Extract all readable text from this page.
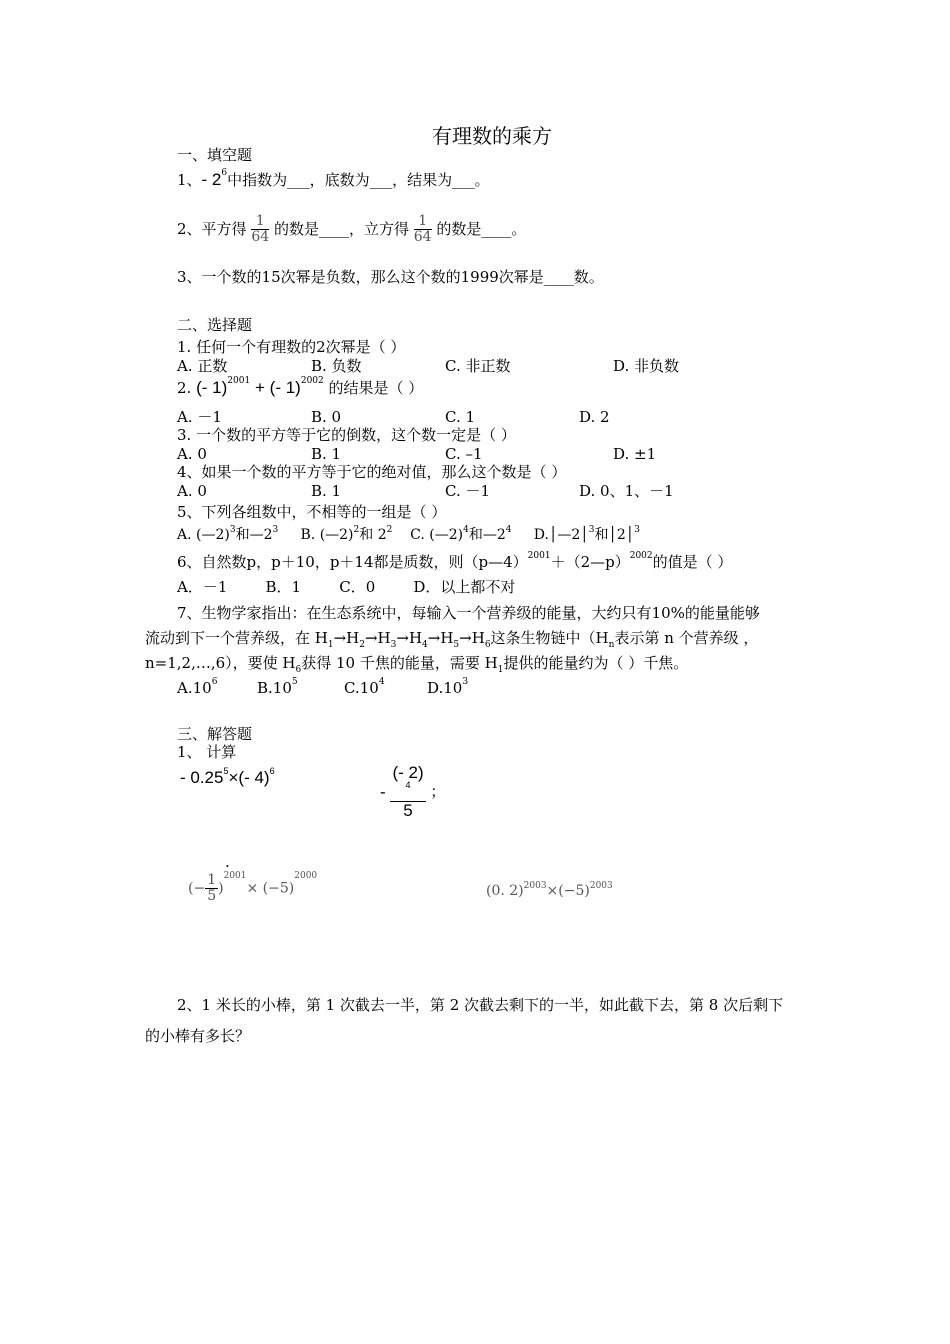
有理数的乘方
一、填空题
1、- $2^6$中指数为___，底数为___，结果为___。
2、平方得 $\frac{1}{64}$ 的数是____，立方得 $\frac{1}{64}$ 的数是____。
3、一个数的15次幂是负数，那么这个数的1999次幂是____数。
二、选择题
1. 任何一个有理数的2次幂是（ ）
A. 正数	B. 负数	C. 非正数	D. 非负数
2. (- 1)$^{2001}$ + (- 1)$^{2002}$ 的结果是（ ）
A. －1	B. 0	C. 1	D. 2
3. 一个数的平方等于它的倒数，这个数一定是（ ）
A. 0	B. 1	C. –1	D. ±1
4、如果一个数的平方等于它的绝对值，那么这个数是（ ）
A. 0	B. 1	C. －1	D. 0、1、－1
5、下列各组数中，不相等的一组是（ ）
A. (—2)$^3$和$—2^3$ B. (—2)$^2$和 $2^2$ C. (—2)$^4$和$—2^4$ D.│—2│$^3$和│2│$^3$
6、自然数p，p＋10，p＋14都是质数，则（p—4）$^{2001}$＋（2—p）$^{2002}$的值是（ ）
A．－1        B．1        C．0        D．以上都不对
7、生物学家指出：在生态系统中，每输入一个营养级的能量，大约只有10%的能量能够
流动到下一个营养级，在 $H_1\to H_2\to H_3\to H_4\to H_5\to H_6$这条生物链中（$H_n$表示第 n 个营养级 ，
n=1,2,…,6），要使 $H_6$获得 10 千焦的能量，需要 $H_1$提供的能量约为（ ）千焦。
$A.10^6$	$B.10^5$	$C.10^4$	$D.10^3$
三、解答题
1、 计算
- $0.25^5\times(-$ 4)$^6$
- (- 2)
$^4$
5 ；
.
(− $\frac{1}{5} )^{2001}\times (-5)^{2000}$
(0. $2)^{2003}\times(-5)^{2003}$
2、1 米长的小棒，第 1 次截去一半，第 2 次截去剩下的一半，如此截下去，第 8 次后剩下
的小棒有多长？
